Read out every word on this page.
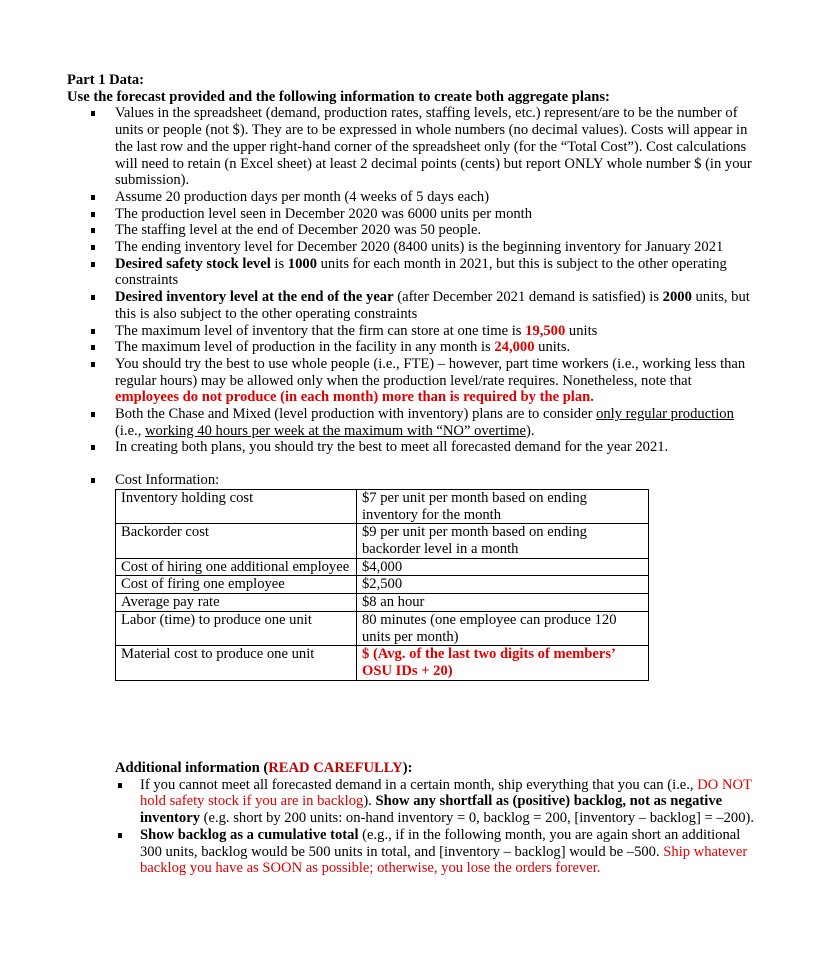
Part 1 Data:
Use the forecast provided and the following information to create both aggregate plans:
Values in the spreadsheet (demand, production rates, staffing levels, etc.) represent/are to be the number of units or people (not $). They are to be expressed in whole numbers (no decimal values). Costs will appear in the last row and the upper right-hand corner of the spreadsheet only (for the “Total Cost”). Cost calculations will need to retain (n Excel sheet) at least 2 decimal points (cents) but report ONLY whole number $ (in your submission).
Assume 20 production days per month (4 weeks of 5 days each)
The production level seen in December 2020 was 6000 units per month
The staffing level at the end of December 2020 was 50 people.
The ending inventory level for December 2020 (8400 units) is the beginning inventory for January 2021
Desired safety stock level is 1000 units for each month in 2021, but this is subject to the other operating constraints
Desired inventory level at the end of the year (after December 2021 demand is satisfied) is 2000 units, but this is also subject to the other operating constraints
The maximum level of inventory that the firm can store at one time is 19,500 units
The maximum level of production in the facility in any month is 24,000 units.
You should try the best to use whole people (i.e., FTE) – however, part time workers (i.e., working less than regular hours) may be allowed only when the production level/rate requires. Nonetheless, note that employees do not produce (in each month) more than is required by the plan.
Both the Chase and Mixed (level production with inventory) plans are to consider only regular production (i.e., working 40 hours per week at the maximum with “NO” overtime).
In creating both plans, you should try the best to meet all forecasted demand for the year 2021.
Cost Information:
Inventory holding cost	$7 per unit per month based on ending inventory for the month
Backorder cost	$9 per unit per month based on ending backorder level in a month
Cost of hiring one additional employee	$4,000
Cost of firing one employee	$2,500
Average pay rate	$8 an hour
Labor (time) to produce one unit	80 minutes (one employee can produce 120 units per month)
Material cost to produce one unit	$ (Avg. of the last two digits of members’ OSU IDs + 20)
Additional information (READ CAREFULLY):
If you cannot meet all forecasted demand in a certain month, ship everything that you can (i.e., DO NOT hold safety stock if you are in backlog). Show any shortfall as (positive) backlog, not as negative inventory (e.g. short by 200 units: on-hand inventory = 0, backlog = 200, [inventory – backlog] = –200).
Show backlog as a cumulative total (e.g., if in the following month, you are again short an additional 300 units, backlog would be 500 units in total, and [inventory – backlog] would be –500. Ship whatever backlog you have as SOON as possible; otherwise, you lose the orders forever.
